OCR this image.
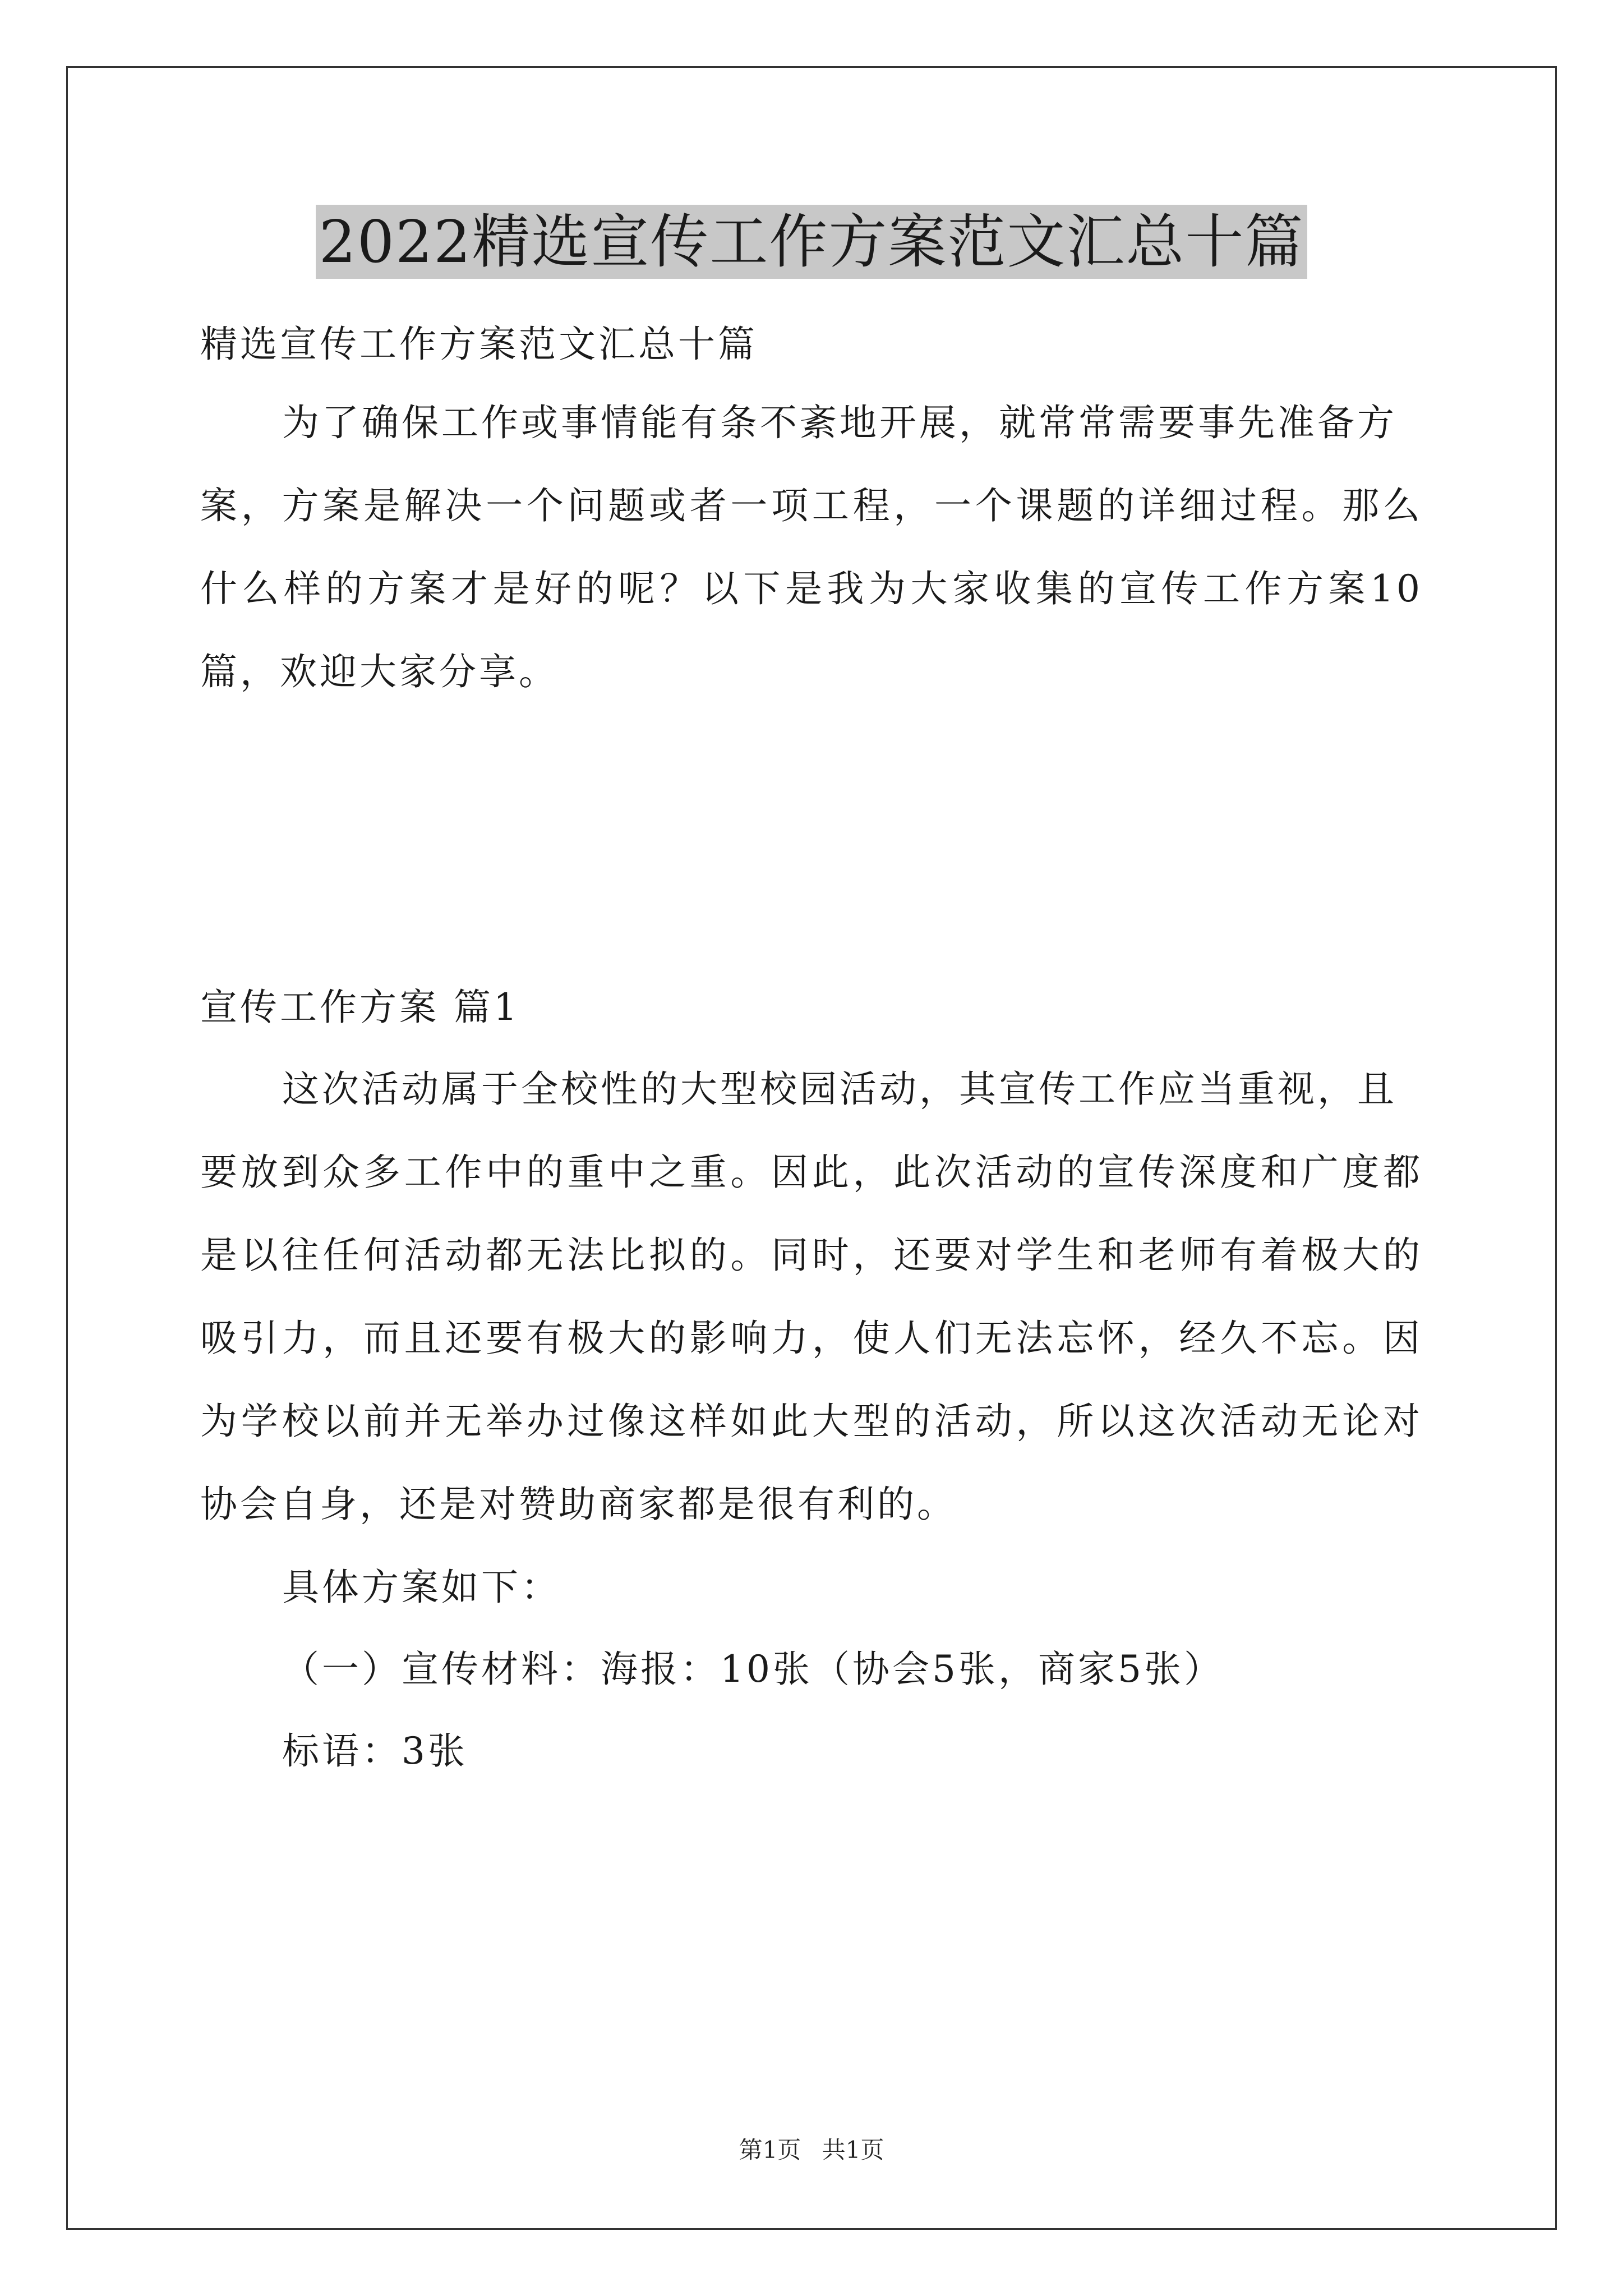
2022精选宣传工作方案范文汇总十篇
精选宣传工作方案范文汇总十篇
为了确保工作或事情能有条不紊地开展，就常常需要事先准备方
案，方案是解决一个问题或者一项工程，一个课题的详细过程。那么
什么样的方案才是好的呢？以下是我为大家收集的宣传工作方案10
篇，欢迎大家分享。
宣传工作方案 篇1
这次活动属于全校性的大型校园活动，其宣传工作应当重视，且
要放到众多工作中的重中之重。因此，此次活动的宣传深度和广度都
是以往任何活动都无法比拟的。同时，还要对学生和老师有着极大的
吸引力，而且还要有极大的影响力，使人们无法忘怀，经久不忘。因
为学校以前并无举办过像这样如此大型的活动，所以这次活动无论对
协会自身，还是对赞助商家都是很有利的。
具体方案如下：
（一）宣传材料：海报：10张（协会5张，商家5张）
标语：3张
第1页 共1页
